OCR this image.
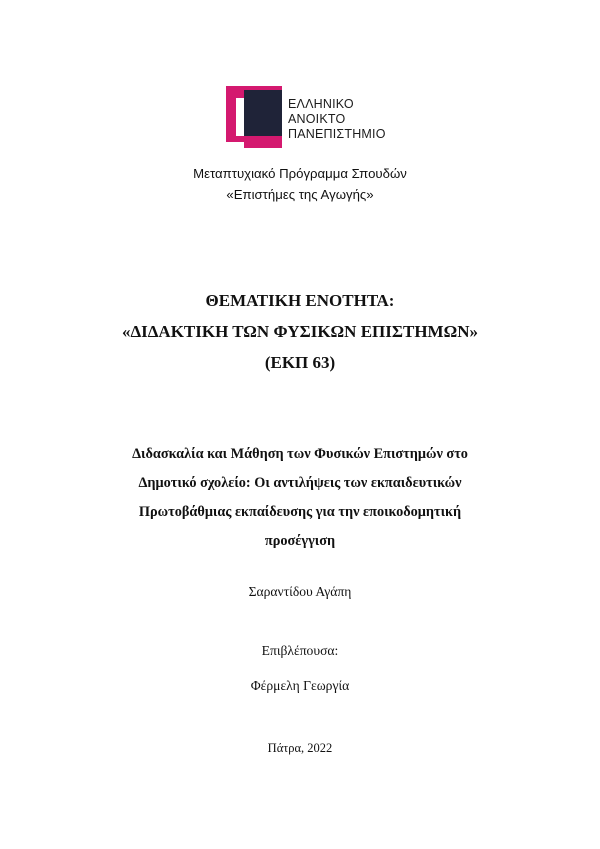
ΕΛΛΗΝΙΚΟ
ΑΝΟΙΚΤΟ
ΠΑΝΕΠΙΣΤΗΜΙΟ
Μεταπτυχιακό Πρόγραμμα Σπουδών
«Επιστήμες της Αγωγής»
ΘΕΜΑΤΙΚΗ ΕΝΟΤΗΤΑ:
«ΔΙΔΑΚΤΙΚΗ ΤΩΝ ΦΥΣΙΚΩΝ ΕΠΙΣΤΗΜΩΝ»
(ΕΚΠ 63)
Διδασκαλία και Μάθηση των Φυσικών Επιστημών στο
Δημοτικό σχολείο: Οι αντιλήψεις των εκπαιδευτικών
Πρωτοβάθμιας εκπαίδευσης για την εποικοδομητική
προσέγγιση
Σαραντίδου Αγάπη
Επιβλέπουσα:
Φέρμελη Γεωργία
Πάτρα, 2022
